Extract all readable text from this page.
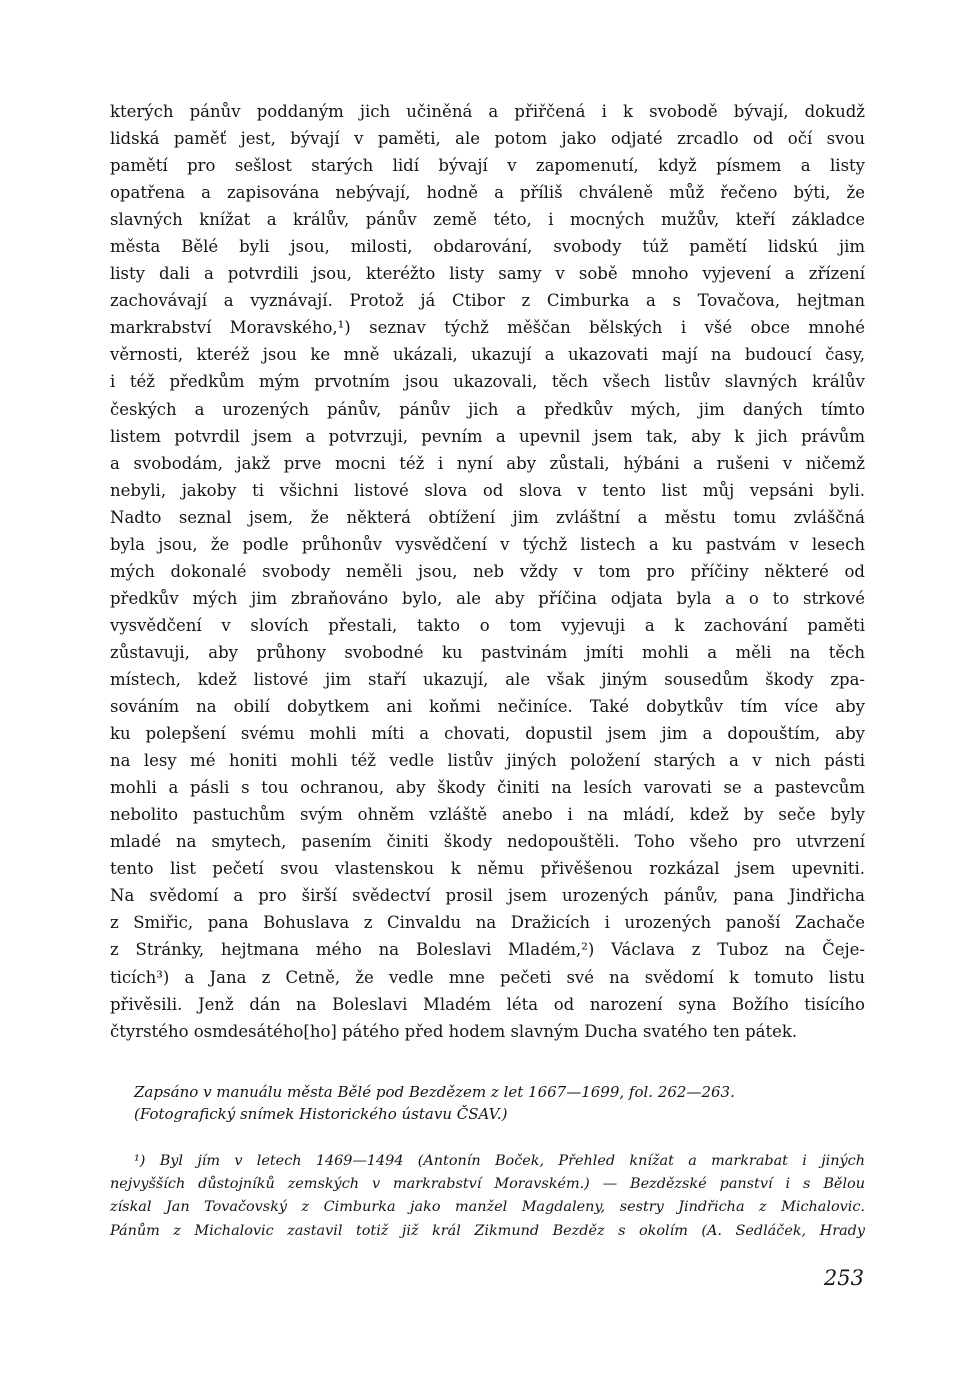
kterých pánův poddaným jich učiněná a přiřčená i k svobodě bývají, dokudž

lidská paměť jest, bývají v paměti, ale potom jako odjaté zrcadlo od očí svou

pamětí pro sešlost starých lidí bývají v zapomenutí, když písmem a listy

opatřena a zapisována nebývají, hodně a příliš chváleně můž řečeno býti, že

slavných knížat a králův, pánův země této, i mocných mužův, kteří základce

města Bělé byli jsou, milosti, obdarování, svobody túž pamětí lidskú jim

listy dali a potvrdili jsou, kteréžto listy samy v sobě mnoho vyjevení a zřízení

zachovávají a vyznávají. Protož já Ctibor z Cimburka a s Tovačova, hejtman

markrabství Moravského,¹) seznav týchž měščan bělských i všé obce mnohé

věrnosti, kteréž jsou ke mně ukázali, ukazují a ukazovati mají na budoucí časy,

i též předkům mým prvotním jsou ukazovali, těch všech listův slavných králův

českých a urozených pánův, pánův jich a předkův mých, jim daných tímto

listem potvrdil jsem a potvrzuji, pevním a upevnil jsem tak, aby k jich právům

a svobodám, jakž prve mocni též i nyní aby zůstali, hýbáni a rušeni v ničemž

nebyli, jakoby ti všichni listové slova od slova v tento list můj vepsáni byli.

Nadto seznal jsem, že některá obtížení jim zvláštní a městu tomu zvláščná

byla jsou, že podle průhonův vysvědčení v týchž listech a ku pastvám v lesech

mých dokonalé svobody neměli jsou, neb vždy v tom pro příčiny některé od

předkův mých jim zbraňováno bylo, ale aby příčina odjata byla a o to strkové

vysvědčení v slovích přestali, takto o tom vyjevuji a k zachování paměti

zůstavuji, aby průhony svobodné ku pastvinám jmíti mohli a měli na těch

místech, kdež listové jim staří ukazují, ale však jiným sousedům škody zpa-

sováním na obilí dobytkem ani koňmi nečiníce. Také dobytkův tím více aby

ku polepšení svému mohli míti a chovati, dopustil jsem jim a dopouštím, aby

na lesy mé honiti mohli též vedle listův jiných položení starých a v nich pásti

mohli a pásli s tou ochranou, aby škody činiti na lesích varovati se a pastevcům

nebolito pastuchům svým ohněm vzláště anebo i na mládí, kdež by seče byly

mladé na smytech, pasením činiti škody nedopouštěli. Toho všeho pro utvrzení

tento list pečetí svou vlastenskou k němu přivěšenou rozkázal jsem upevniti.

Na svědomí a pro širší svědectví prosil jsem urozených pánův, pana Jindřicha

z Smiřic, pana Bohuslava z Cinvaldu na Dražicích i urozených panoší Zachače

z Stránky, hejtmana mého na Boleslavi Mladém,²) Václava z Tuboz na Čeje-

ticích³) a Jana z Cetně, že vedle mne pečeti své na svědomí k tomuto listu

přivěsili. Jenž dán na Boleslavi Mladém léta od narození syna Božího tisícího

čtyrstého osmdesátého[ho] pátého před hodem slavným Ducha svatého ten pátek.

Zapsáno v manuálu města Bělé pod Bezdězem z let 1667—1699, fol. 262—263.

(Fotografický snímek Historického ústavu ČSAV.)

¹) Byl jím v letech 1469—1494 (Antonín Boček, Přehled knížat a markrabat i jiných

nejvyšších důstojníků zemských v markrabství Moravském.) — Bezdězské panství i s Bělou

získal Jan Tovačovský z Cimburka jako manžel Magdaleny, sestry Jindřicha z Michalovic.

Pánům z Michalovic zastavil totiž již král Zikmund Bezděz s okolím (A. Sedláček, Hrady

253
